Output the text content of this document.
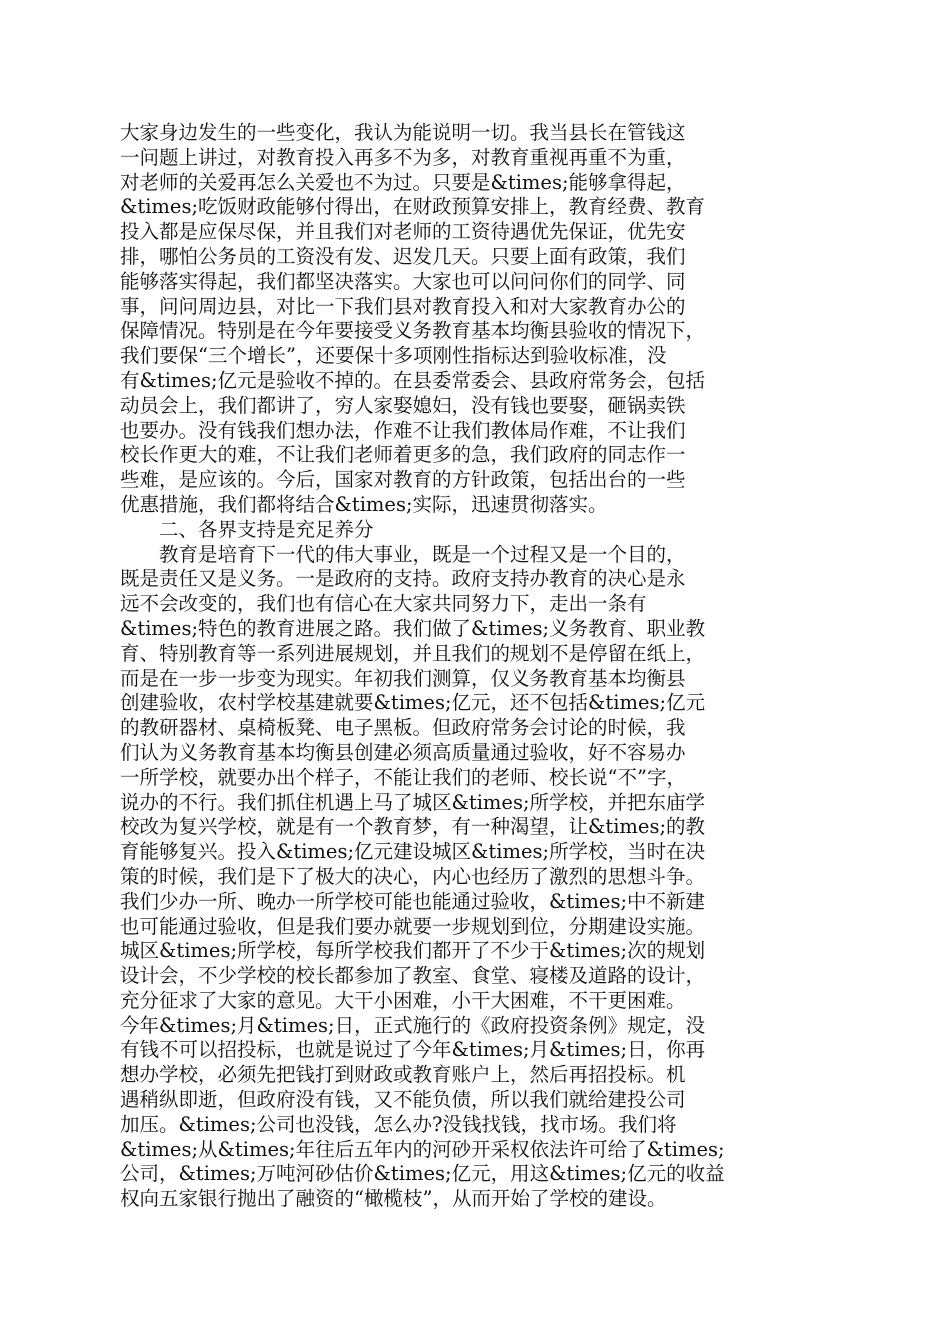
大家身边发生的一些变化，我认为能说明一切。我当县长在管钱这
一问题上讲过，对教育投入再多不为多，对教育重视再重不为重，
对老师的关爱再怎么关爱也不为过。只要是&times;能够拿得起，
&times;吃饭财政能够付得出，在财政预算安排上，教育经费、教育
投入都是应保尽保，并且我们对老师的工资待遇优先保证，优先安
排，哪怕公务员的工资没有发、迟发几天。只要上面有政策，我们
能够落实得起，我们都坚决落实。大家也可以问问你们的同学、同
事，问问周边县，对比一下我们县对教育投入和对大家教育办公的
保障情况。特别是在今年要接受义务教育基本均衡县验收的情况下，
我们要保“三个增长”，还要保十多项刚性指标达到验收标准，没
有&times;亿元是验收不掉的。在县委常委会、县政府常务会，包括
动员会上，我们都讲了，穷人家娶媳妇，没有钱也要娶，砸锅卖铁
也要办。没有钱我们想办法，作难不让我们教体局作难，不让我们
校长作更大的难，不让我们老师着更多的急，我们政府的同志作一
些难，是应该的。今后，国家对教育的方针政策，包括出台的一些
优惠措施，我们都将结合&times;实际，迅速贯彻落实。
　　二、各界支持是充足养分
　　教育是培育下一代的伟大事业，既是一个过程又是一个目的，
既是责任又是义务。一是政府的支持。政府支持办教育的决心是永
远不会改变的，我们也有信心在大家共同努力下，走出一条有
&times;特色的教育进展之路。我们做了&times;义务教育、职业教
育、特别教育等一系列进展规划，并且我们的规划不是停留在纸上，
而是在一步一步变为现实。年初我们测算，仅义务教育基本均衡县
创建验收，农村学校基建就要&times;亿元，还不包括&times;亿元
的教研器材、桌椅板凳、电子黑板。但政府常务会讨论的时候，我
们认为义务教育基本均衡县创建必须高质量通过验收，好不容易办
一所学校，就要办出个样子，不能让我们的老师、校长说“不”字，
说办的不行。我们抓住机遇上马了城区&times;所学校，并把东庙学
校改为复兴学校，就是有一个教育梦，有一种渴望，让&times;的教
育能够复兴。投入&times;亿元建设城区&times;所学校，当时在决
策的时候，我们是下了极大的决心，内心也经历了激烈的思想斗争。
我们少办一所、晚办一所学校可能也能通过验收，&times;中不新建
也可能通过验收，但是我们要办就要一步规划到位，分期建设实施。
城区&times;所学校，每所学校我们都开了不少于&times;次的规划
设计会，不少学校的校长都参加了教室、食堂、寝楼及道路的设计，
充分征求了大家的意见。大干小困难，小干大困难，不干更困难。
今年&times;月&times;日，正式施行的《政府投资条例》规定，没
有钱不可以招投标，也就是说过了今年&times;月&times;日，你再
想办学校，必须先把钱打到财政或教育账户上，然后再招投标。机
遇稍纵即逝，但政府没有钱，又不能负债，所以我们就给建投公司
加压。&times;公司也没钱，怎么办?没钱找钱，找市场。我们将
&times;从&times;年往后五年内的河砂开采权依法许可给了&times;
公司，&times;万吨河砂估价&times;亿元，用这&times;亿元的收益
权向五家银行抛出了融资的“橄榄枝”，从而开始了学校的建设。
